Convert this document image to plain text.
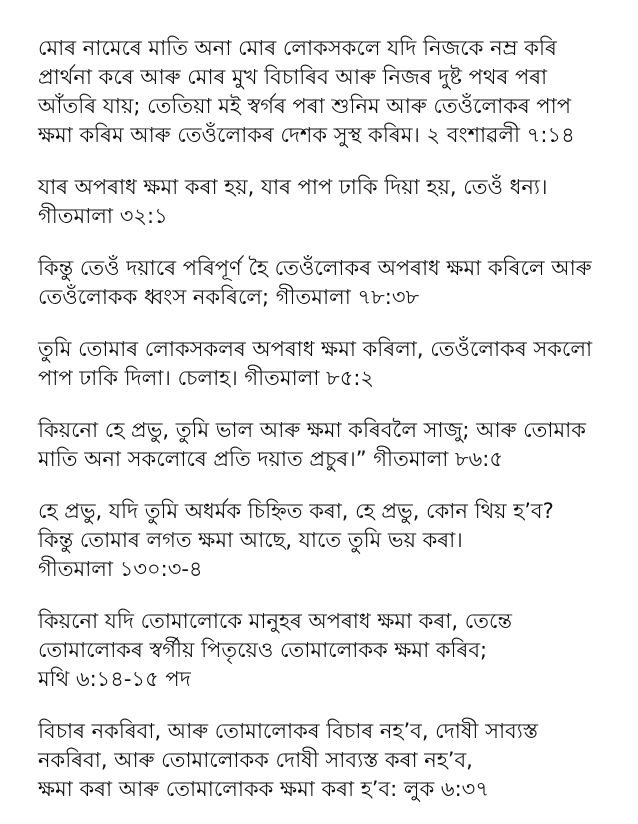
মোৰ নামেৰে মাতি অনা মোৰ লোকসকলে যদি নিজকে নম্ৰ কৰি
প্ৰাৰ্থনা কৰে আৰু মোৰ মুখ বিচাৰিব আৰু নিজৰ দুষ্ট পথৰ পৰা
আঁতৰি যায়; তেতিয়া মই স্বৰ্গৰ পৰা শুনিম আৰু তেওঁলোকৰ পাপ
ক্ষমা কৰিম আৰু তেওঁলোকৰ দেশক সুস্থ কৰিম। ২ বংশাৱলী ৭:১৪
যাৰ অপৰাধ ক্ষমা কৰা হয়, যাৰ পাপ ঢাকি দিয়া হয়, তেওঁ ধন্য।
গীতমালা ৩২:১
কিন্তু তেওঁ দয়াৰে পৰিপূৰ্ণ হৈ তেওঁলোকৰ অপৰাধ ক্ষমা কৰিলে আৰু
তেওঁলোকক ধ্বংস নকৰিলে; গীতমালা ৭৮:৩৮
তুমি তোমাৰ লোকসকলৰ অপৰাধ ক্ষমা কৰিলা, তেওঁলোকৰ সকলো
পাপ ঢাকি দিলা। চেলাহ। গীতমালা ৮৫:২
কিয়নো হে প্ৰভু, তুমি ভাল আৰু ক্ষমা কৰিবলৈ সাজু; আৰু তোমাক
মাতি অনা সকলোৰে প্ৰতি দয়াত প্ৰচুৰ।” গীতমালা ৮৬:৫
হে প্ৰভু, যদি তুমি অধৰ্মক চিহ্নিত কৰা, হে প্ৰভু, কোন থিয় হ’ব?
কিন্তু তোমাৰ লগত ক্ষমা আছে, যাতে তুমি ভয় কৰা।
গীতমালা ১৩০:৩-৪
কিয়নো যদি তোমালোকে মানুহৰ অপৰাধ ক্ষমা কৰা, তেন্তে
তোমালোকৰ স্বৰ্গীয় পিতৃয়েও তোমালোকক ক্ষমা কৰিব;
মথি ৬:১৪-১৫ পদ
বিচাৰ নকৰিবা, আৰু তোমালোকৰ বিচাৰ নহ’ব, দোষী সাব্যস্ত
নকৰিবা, আৰু তোমালোকক দোষী সাব্যস্ত কৰা নহ’ব,
ক্ষমা কৰা আৰু তোমালোকক ক্ষমা কৰা হ’ব: লুক ৬:৩৭
